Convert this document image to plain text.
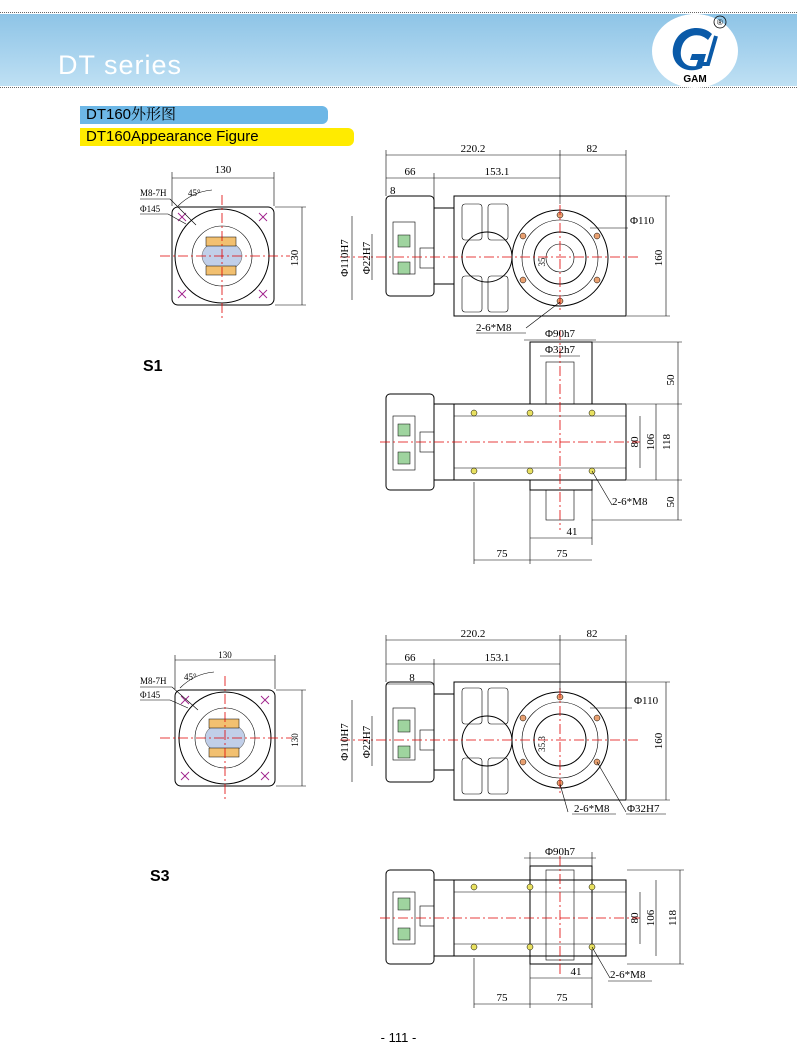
DT series	GAM
®
DT160外形图
DT160Appearance Figure
S1
S3
130
130
45°
M8-7H
Φ145
220.2	82
66	153.1
8
Φ110H7 Φ22H7	160
Φ110
35
2-6*M8	Φ90h7
Φ32h7
50
50
80 106 118
2-6*M8
41
75	75
130
130
45°
M8-7H
Φ145
220.2	82
66	153.1
8
Φ110H7 Φ22H7	160
Φ110
35.3
2-6*M8 Φ32H7
Φ90h7
80 106 118
2-6*M8
41
75	75
- 111 -
